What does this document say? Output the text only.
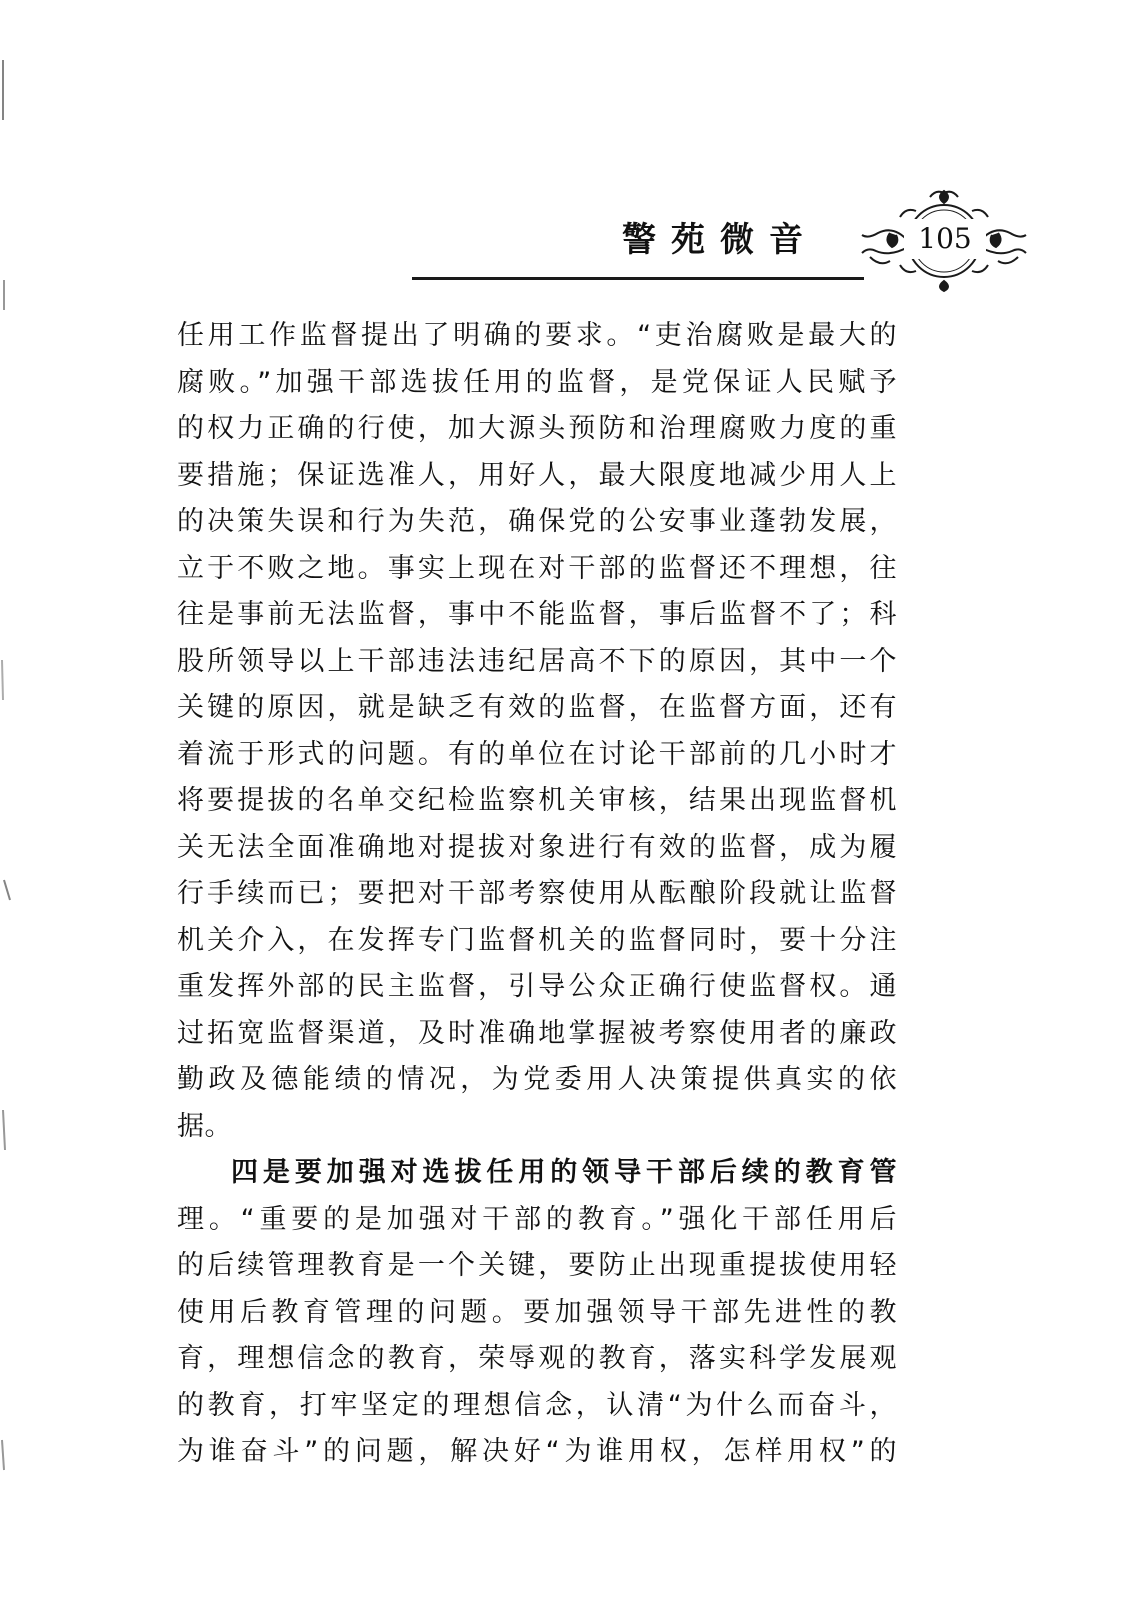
警苑微音	105
任用工作监督提出了明确的要求。“吏治腐败是最大的
腐败。”加强干部选拔任用的监督，是党保证人民赋予
的权力正确的行使，加大源头预防和治理腐败力度的重
要措施；保证选准人，用好人，最大限度地减少用人上
的决策失误和行为失范，确保党的公安事业蓬勃发展，
立于不败之地。事实上现在对干部的监督还不理想，往
往是事前无法监督，事中不能监督，事后监督不了；科
股所领导以上干部违法违纪居高不下的原因，其中一个
关键的原因，就是缺乏有效的监督，在监督方面，还有
着流于形式的问题。有的单位在讨论干部前的几小时才
将要提拔的名单交纪检监察机关审核，结果出现监督机
关无法全面准确地对提拔对象进行有效的监督，成为履
行手续而已；要把对干部考察使用从酝酿阶段就让监督
机关介入，在发挥专门监督机关的监督同时，要十分注
重发挥外部的民主监督，引导公众正确行使监督权。通
过拓宽监督渠道，及时准确地掌握被考察使用者的廉政
勤政及德能绩的情况，为党委用人决策提供真实的依
据。
四是要加强对选拔任用的领导干部后续的教育管
理。“重要的是加强对干部的教育。”强化干部任用后
的后续管理教育是一个关键，要防止出现重提拔使用轻
使用后教育管理的问题。要加强领导干部先进性的教
育，理想信念的教育，荣辱观的教育，落实科学发展观
的教育，打牢坚定的理想信念，认清“为什么而奋斗，
为谁奋斗”的问题，解决好“为谁用权，怎样用权”的
